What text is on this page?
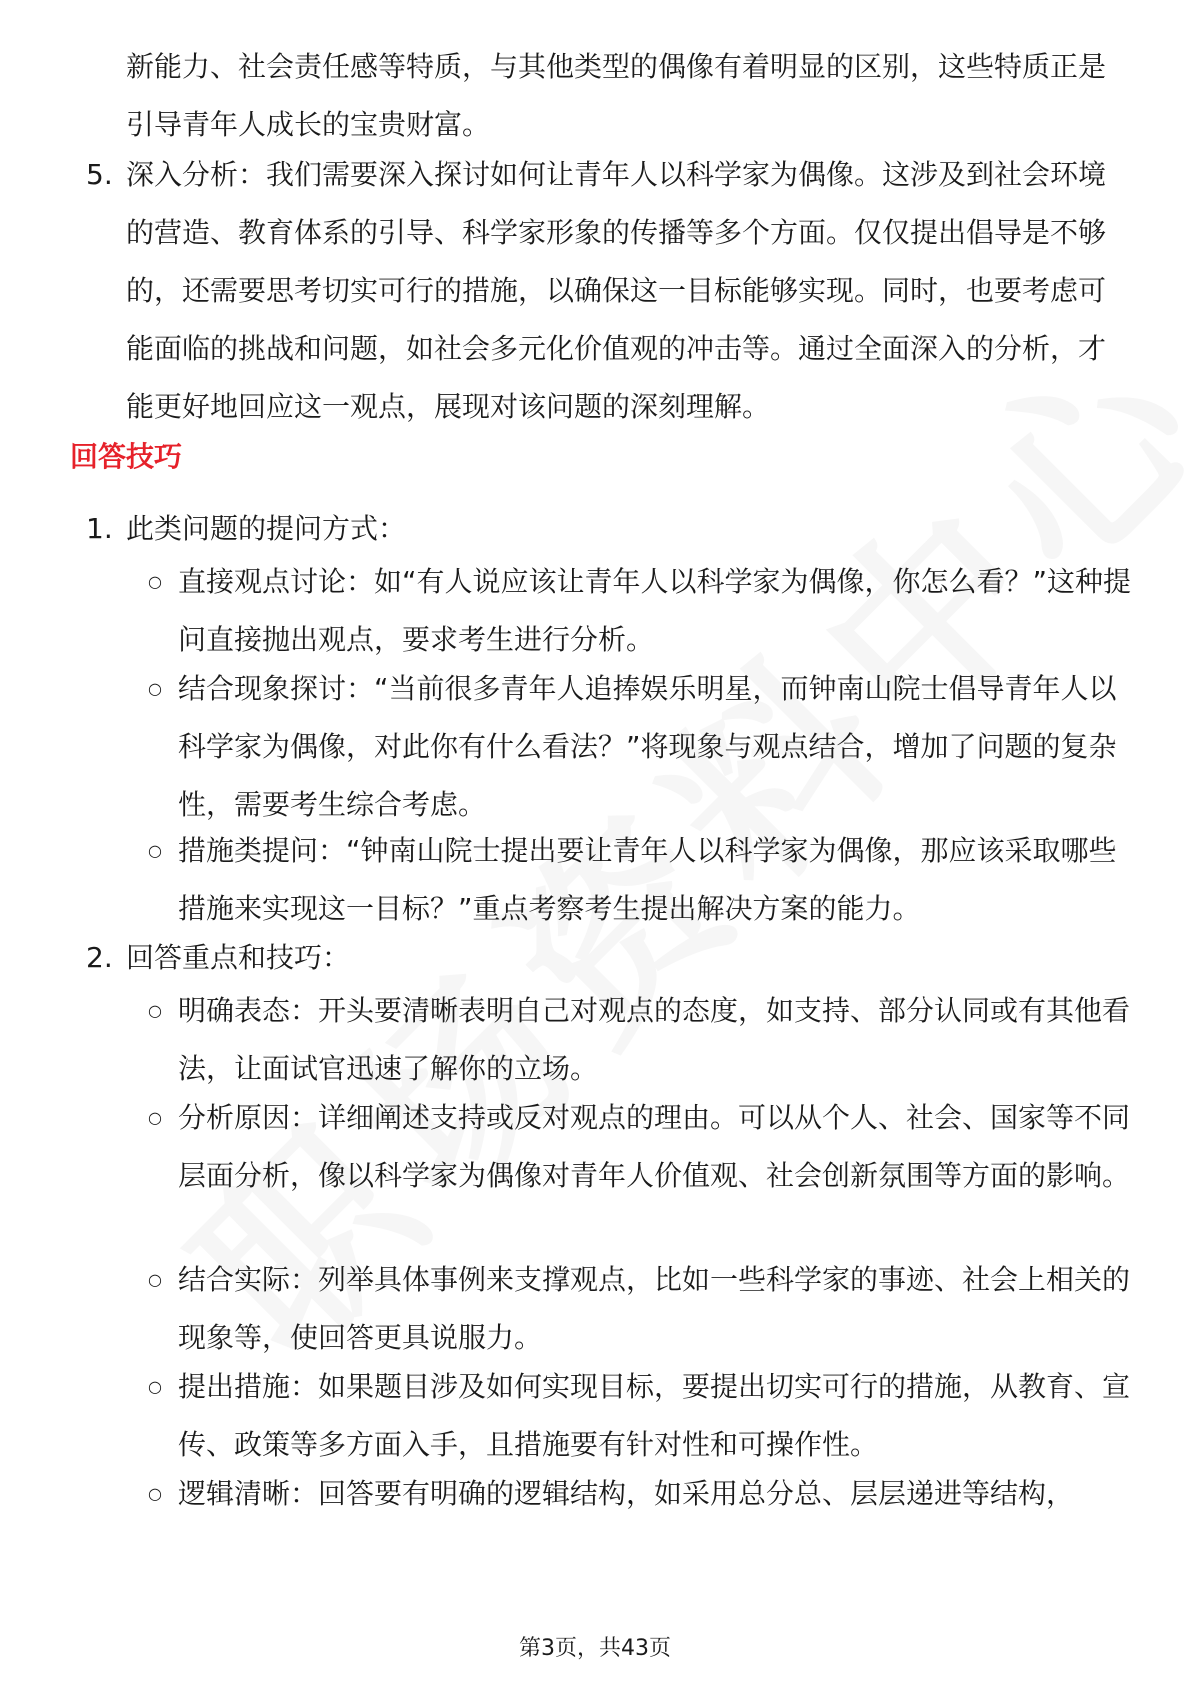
新能力、社会责任感等特质，与其他类型的偶像有着明显的区别，这些特质正是引导青年人成长的宝贵财富。

5. 深入分析：我们需要深入探讨如何让青年人以科学家为偶像。这涉及到社会环境的营造、教育体系的引导、科学家形象的传播等多个方面。仅仅提出倡导是不够的，还需要思考切实可行的措施，以确保这一目标能够实现。同时，也要考虑可能面临的挑战和问题，如社会多元化价值观的冲击等。通过全面深入的分析，才能更好地回应这一观点，展现对该问题的深刻理解。

回答技巧
1. 此类问题的提问方式：

○ 直接观点讨论：如“有人说应该让青年人以科学家为偶像，你怎么看？”这种提问直接抛出观点，要求考生进行分析。

○ 结合现象探讨：“当前很多青年人追捧娱乐明星，而钟南山院士倡导青年人以科学家为偶像，对此你有什么看法？”将现象与观点结合，增加了问题的复杂性，需要考生综合考虑。

○ 措施类提问：“钟南山院士提出要让青年人以科学家为偶像，那应该采取哪些措施来实现这一目标？”重点考察考生提出解决方案的能力。

2. 回答重点和技巧：

○ 明确表态：开头要清晰表明自己对观点的态度，如支持、部分认同或有其他看法，让面试官迅速了解你的立场。

○ 分析原因：详细阐述支持或反对观点的理由。可以从个人、社会、国家等不同层面分析，像以科学家为偶像对青年人价值观、社会创新氛围等方面的影响。

○ 结合实际：列举具体事例来支撑观点，比如一些科学家的事迹、社会上相关的现象等，使回答更具说服力。

○ 提出措施：如果题目涉及如何实现目标，要提出切实可行的措施，从教育、宣传、政策等多方面入手，且措施要有针对性和可操作性。

○ 逻辑清晰：回答要有明确的逻辑结构，如采用总分总、层层递进等结构，

第3页，共43页
